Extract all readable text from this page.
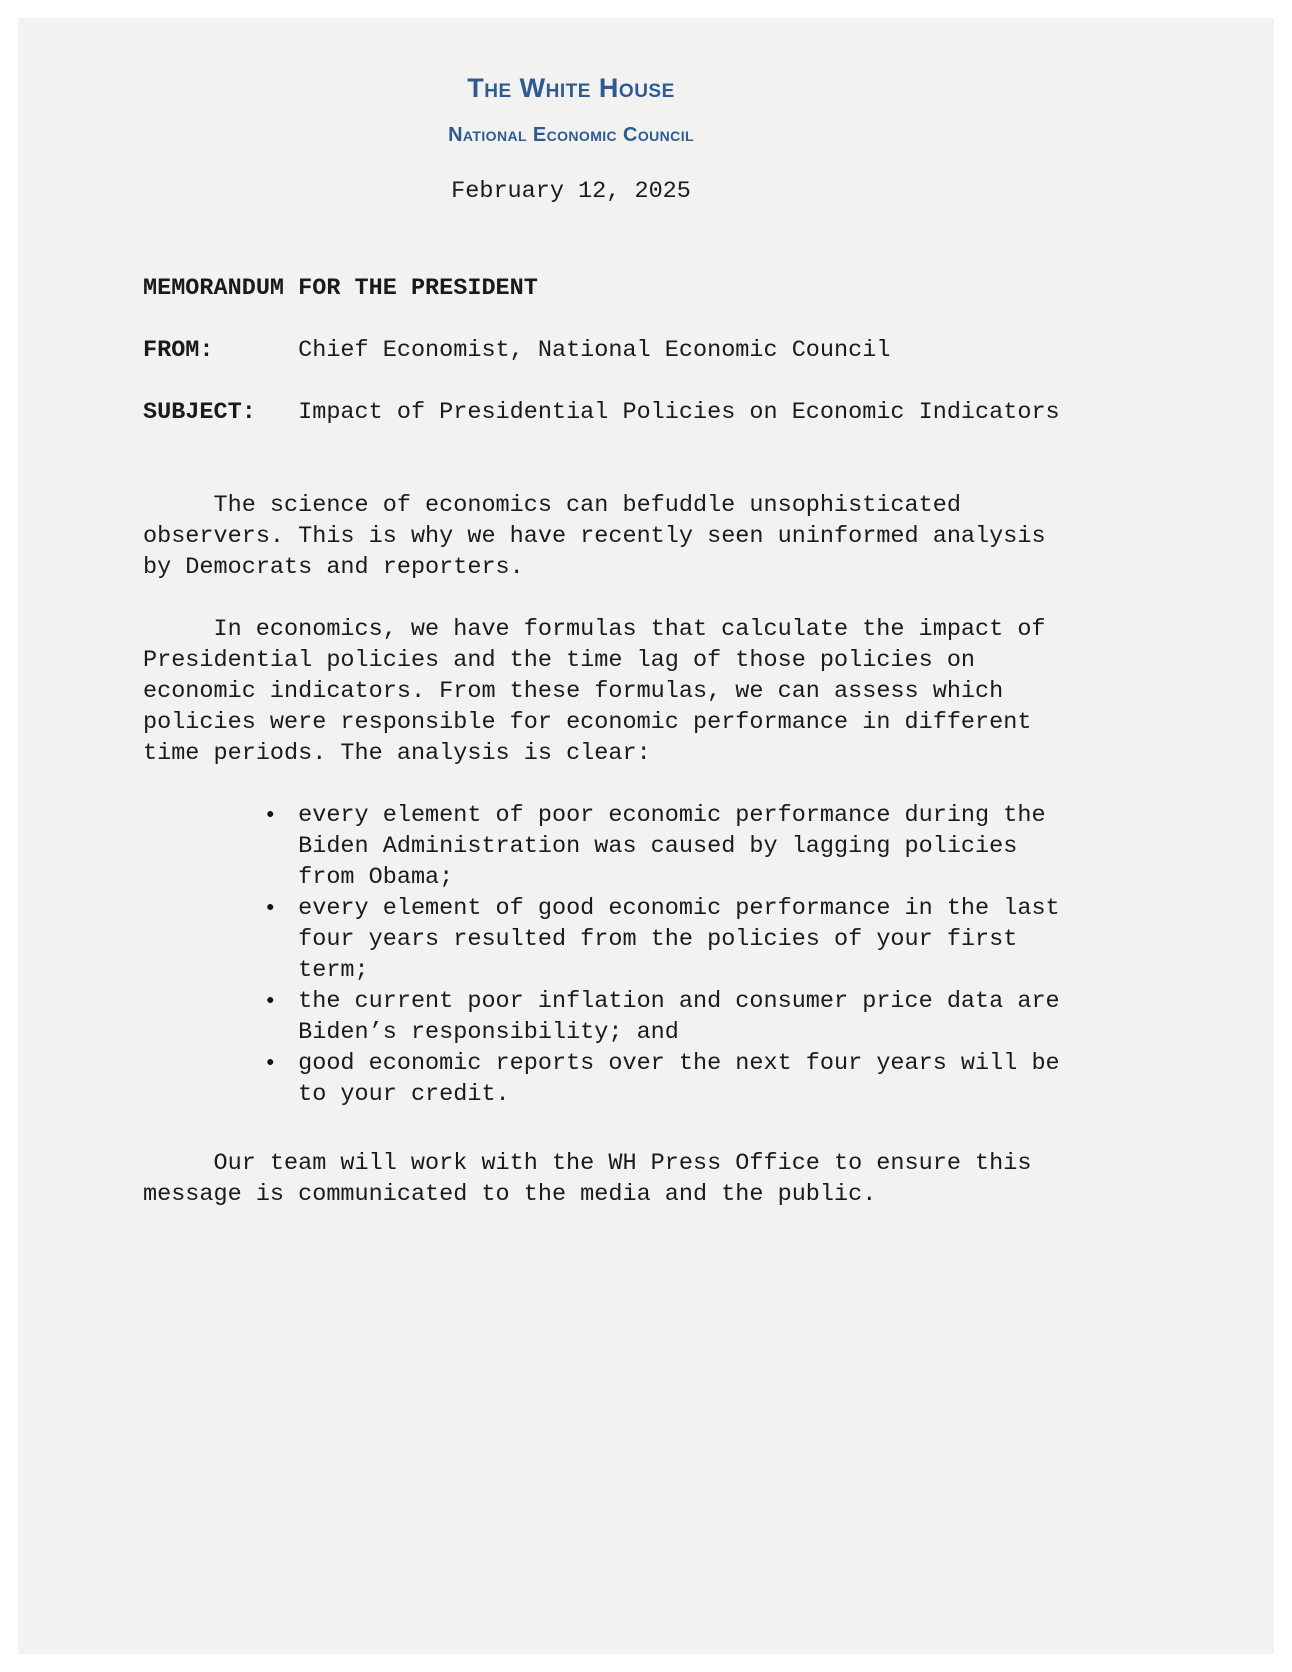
The White House
National Economic Council
February 12, 2025
MEMORANDUM FOR THE PRESIDENT
FROM:	Chief Economist, National Economic Council
SUBJECT: Impact of Presidential Policies on Economic Indicators

The science of economics can befuddle unsophisticated observers. This is why we have recently seen uninformed analysis by Democrats and reporters.

In economics, we have formulas that calculate the impact of Presidential policies and the time lag of those policies on economic indicators. From these formulas, we can assess which policies were responsible for economic performance in different time periods. The analysis is clear:

● every element of poor economic performance during the Biden Administration was caused by lagging policies from Obama;
● every element of good economic performance in the last four years resulted from the policies of your first term;
● the current poor inflation and consumer price data are Biden’s responsibility; and
● good economic reports over the next four years will be to your credit.

Our team will work with the WH Press Office to ensure this message is communicated to the media and the public.
